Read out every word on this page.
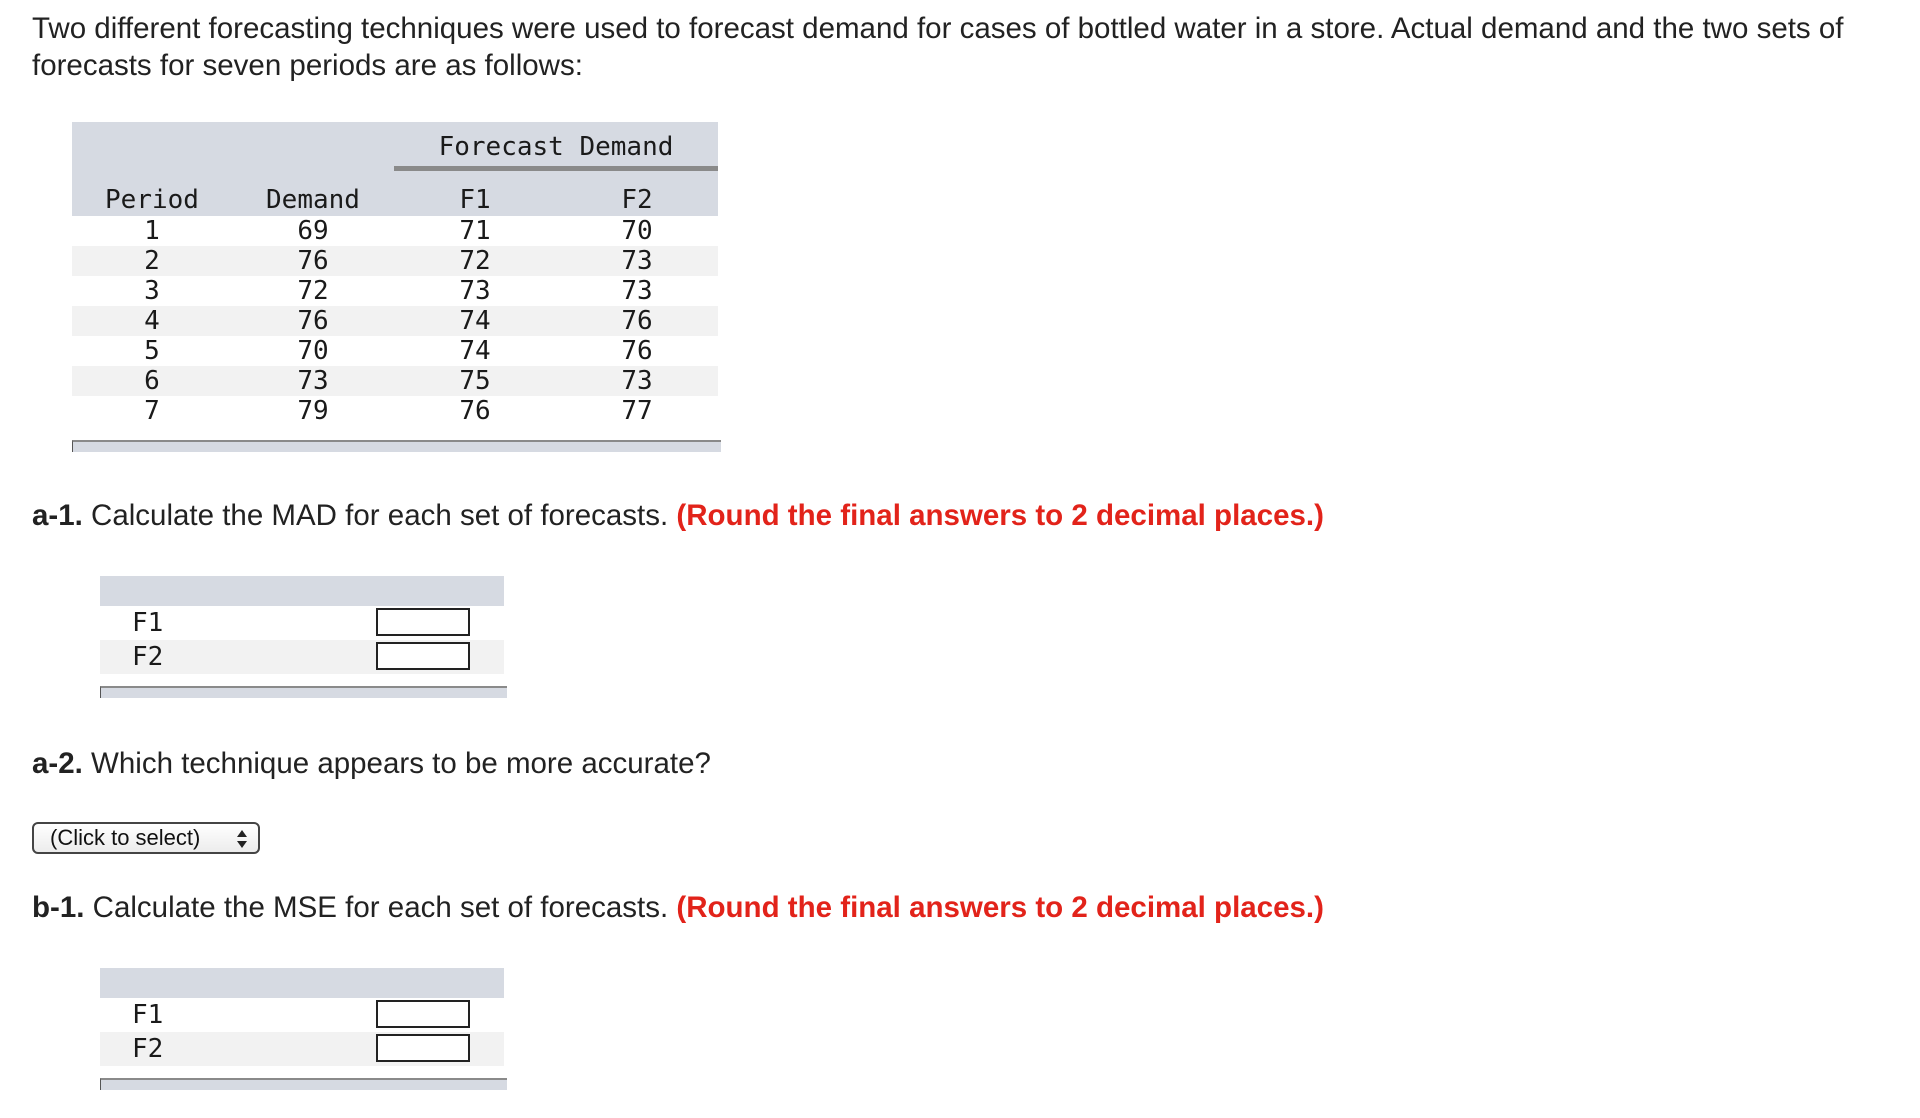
Two different forecasting techniques were used to forecast demand for cases of bottled water in a store. Actual demand and the two sets of forecasts for seven periods are as follows:
Forecast Demand
Period	Demand	F1	F2
1	69	71	70
2	76	72	73
3	72	73	73
4	76	74	76
5	70	74	76
6	73	75	73
7	79	76	77
a-1. Calculate the MAD for each set of forecasts. (Round the final answers to 2 decimal places.)
F1
F2
a-2. Which technique appears to be more accurate?
(Click to select)
b-1. Calculate the MSE for each set of forecasts. (Round the final answers to 2 decimal places.)
F1
F2
